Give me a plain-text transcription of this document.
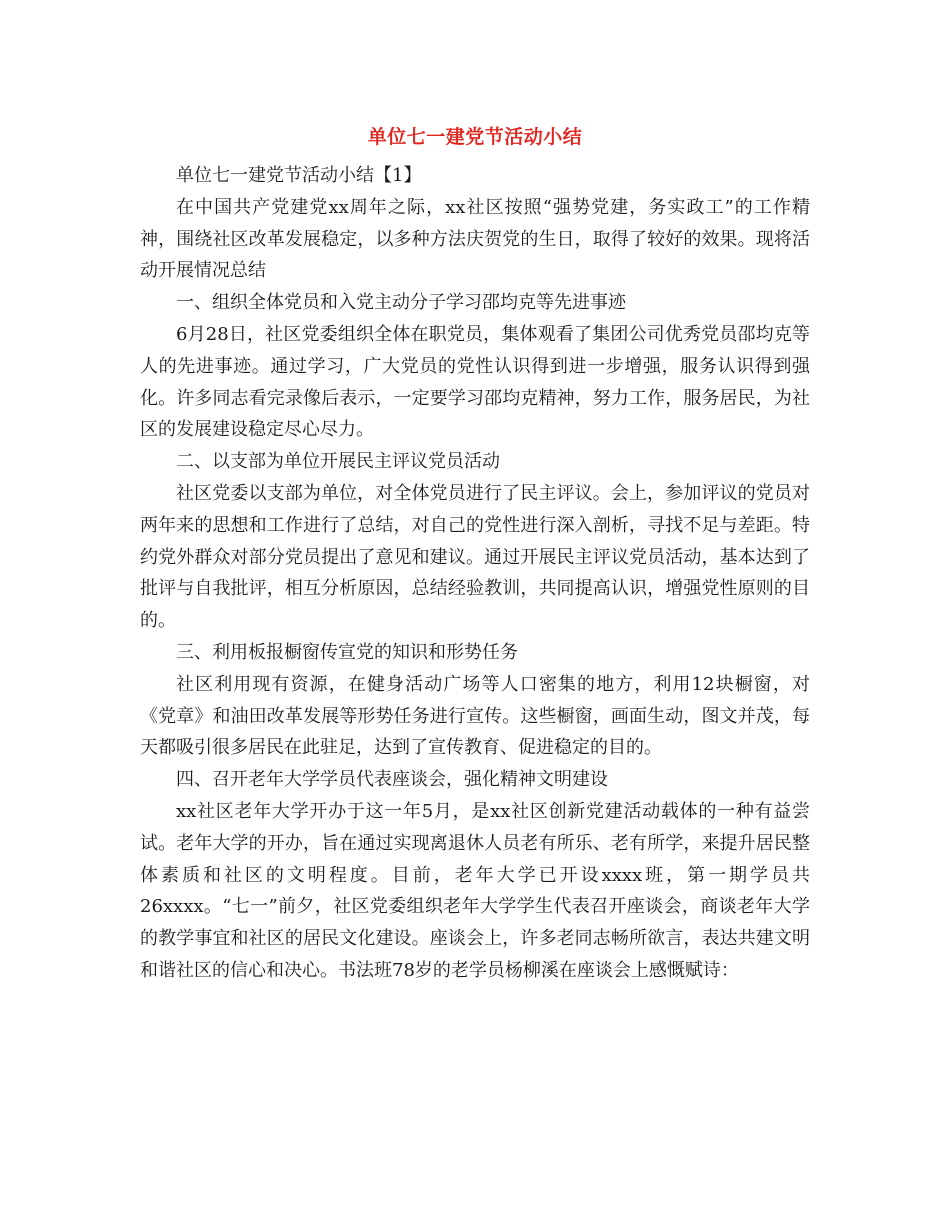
单位七一建党节活动小结

单位七一建党节活动小结【1】

在中国共产党建党xx周年之际，xx社区按照“强势党建，务实政工”的工作精神，围绕社区改革发展稳定，以多种方法庆贺党的生日，取得了较好的效果。现将活动开展情况总结

一、组织全体党员和入党主动分子学习邵均克等先进事迹

6月28日，社区党委组织全体在职党员，集体观看了集团公司优秀党员邵均克等人的先进事迹。通过学习，广大党员的党性认识得到进一步增强，服务认识得到强化。许多同志看完录像后表示，一定要学习邵均克精神，努力工作，服务居民，为社区的发展建设稳定尽心尽力。

二、以支部为单位开展民主评议党员活动

社区党委以支部为单位，对全体党员进行了民主评议。会上，参加评议的党员对两年来的思想和工作进行了总结，对自己的党性进行深入剖析，寻找不足与差距。特约党外群众对部分党员提出了意见和建议。通过开展民主评议党员活动，基本达到了批评与自我批评，相互分析原因，总结经验教训，共同提高认识，增强党性原则的目的。

三、利用板报橱窗传宣党的知识和形势任务

社区利用现有资源，在健身活动广场等人口密集的地方，利用12块橱窗，对《党章》和油田改革发展等形势任务进行宣传。这些橱窗，画面生动，图文并茂，每天都吸引很多居民在此驻足，达到了宣传教育、促进稳定的目的。

四、召开老年大学学员代表座谈会，强化精神文明建设

xx社区老年大学开办于这一年5月，是xx社区创新党建活动载体的一种有益尝试。老年大学的开办，旨在通过实现离退休人员老有所乐、老有所学，来提升居民整体素质和社区的文明程度。目前，老年大学已开设xxxx班，第一期学员共26xxxx。“七一”前夕，社区党委组织老年大学学生代表召开座谈会，商谈老年大学的教学事宜和社区的居民文化建设。座谈会上，许多老同志畅所欲言，表达共建文明和谐社区的信心和决心。书法班78岁的老学员杨柳溪在座谈会上感慨赋诗：
